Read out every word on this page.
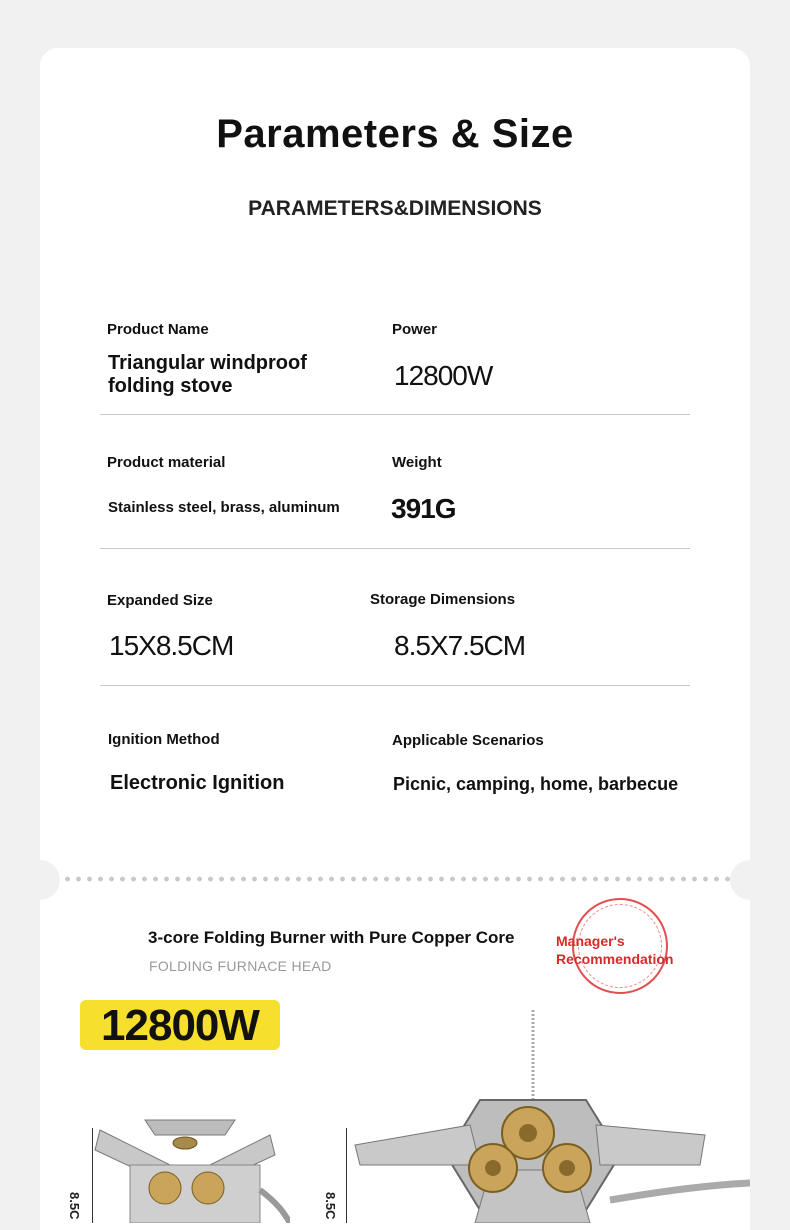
Parameters & Size
PARAMETERS&DIMENSIONS
Product Name
Triangular windproof
folding stove
Power
12800W
Product material
Stainless steel, brass, aluminum
Weight
391G
Expanded Size
15X8.5CM
Storage Dimensions
8.5X7.5CM
Ignition Method
Electronic Ignition
Applicable Scenarios
Picnic, camping, home, barbecue
3-core Folding Burner with Pure Copper Core
FOLDING FURNACE HEAD
Manager's
Recommendation
12800W
8.5C	8.5C
